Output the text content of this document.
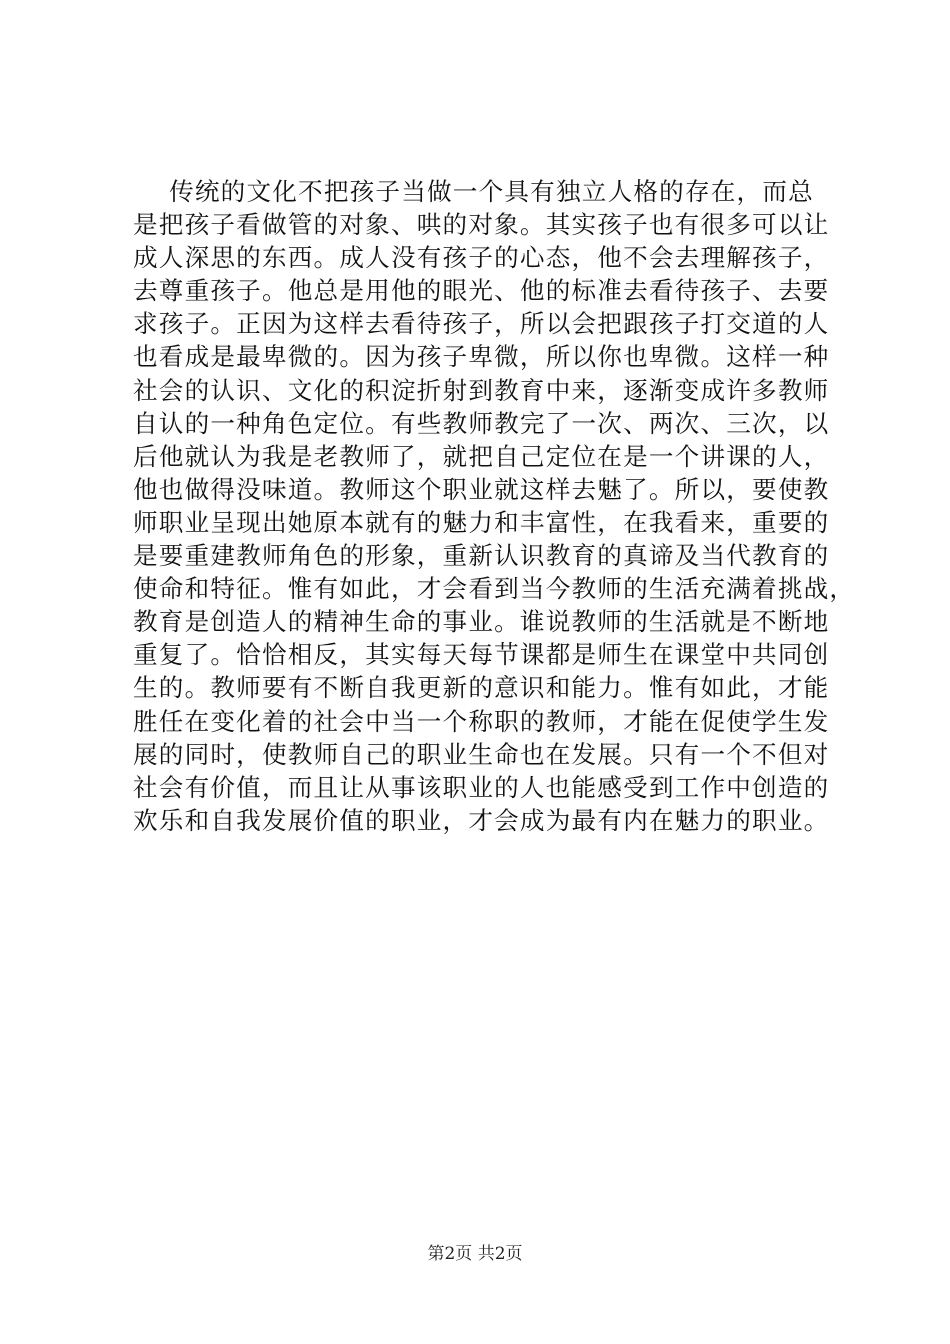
传统的文化不把孩子当做一个具有独立人格的存在，而总
是把孩子看做管的对象、哄的对象。其实孩子也有很多可以让
成人深思的东西。成人没有孩子的心态，他不会去理解孩子，
去尊重孩子。他总是用他的眼光、他的标准去看待孩子、去要
求孩子。正因为这样去看待孩子，所以会把跟孩子打交道的人
也看成是最卑微的。因为孩子卑微，所以你也卑微。这样一种
社会的认识、文化的积淀折射到教育中来，逐渐变成许多教师
自认的一种角色定位。有些教师教完了一次、两次、三次，以
后他就认为我是老教师了，就把自己定位在是一个讲课的人，
他也做得没味道。教师这个职业就这样去魅了。所以，要使教
师职业呈现出她原本就有的魅力和丰富性，在我看来，重要的
是要重建教师角色的形象，重新认识教育的真谛及当代教育的
使命和特征。惟有如此，才会看到当今教师的生活充满着挑战，
教育是创造人的精神生命的事业。谁说教师的生活就是不断地
重复了。恰恰相反，其实每天每节课都是师生在课堂中共同创
生的。教师要有不断自我更新的意识和能力。惟有如此，才能
胜任在变化着的社会中当一个称职的教师，才能在促使学生发
展的同时，使教师自己的职业生命也在发展。只有一个不但对
社会有价值，而且让从事该职业的人也能感受到工作中创造的
欢乐和自我发展价值的职业，才会成为最有内在魅力的职业。
第2页 共2页
